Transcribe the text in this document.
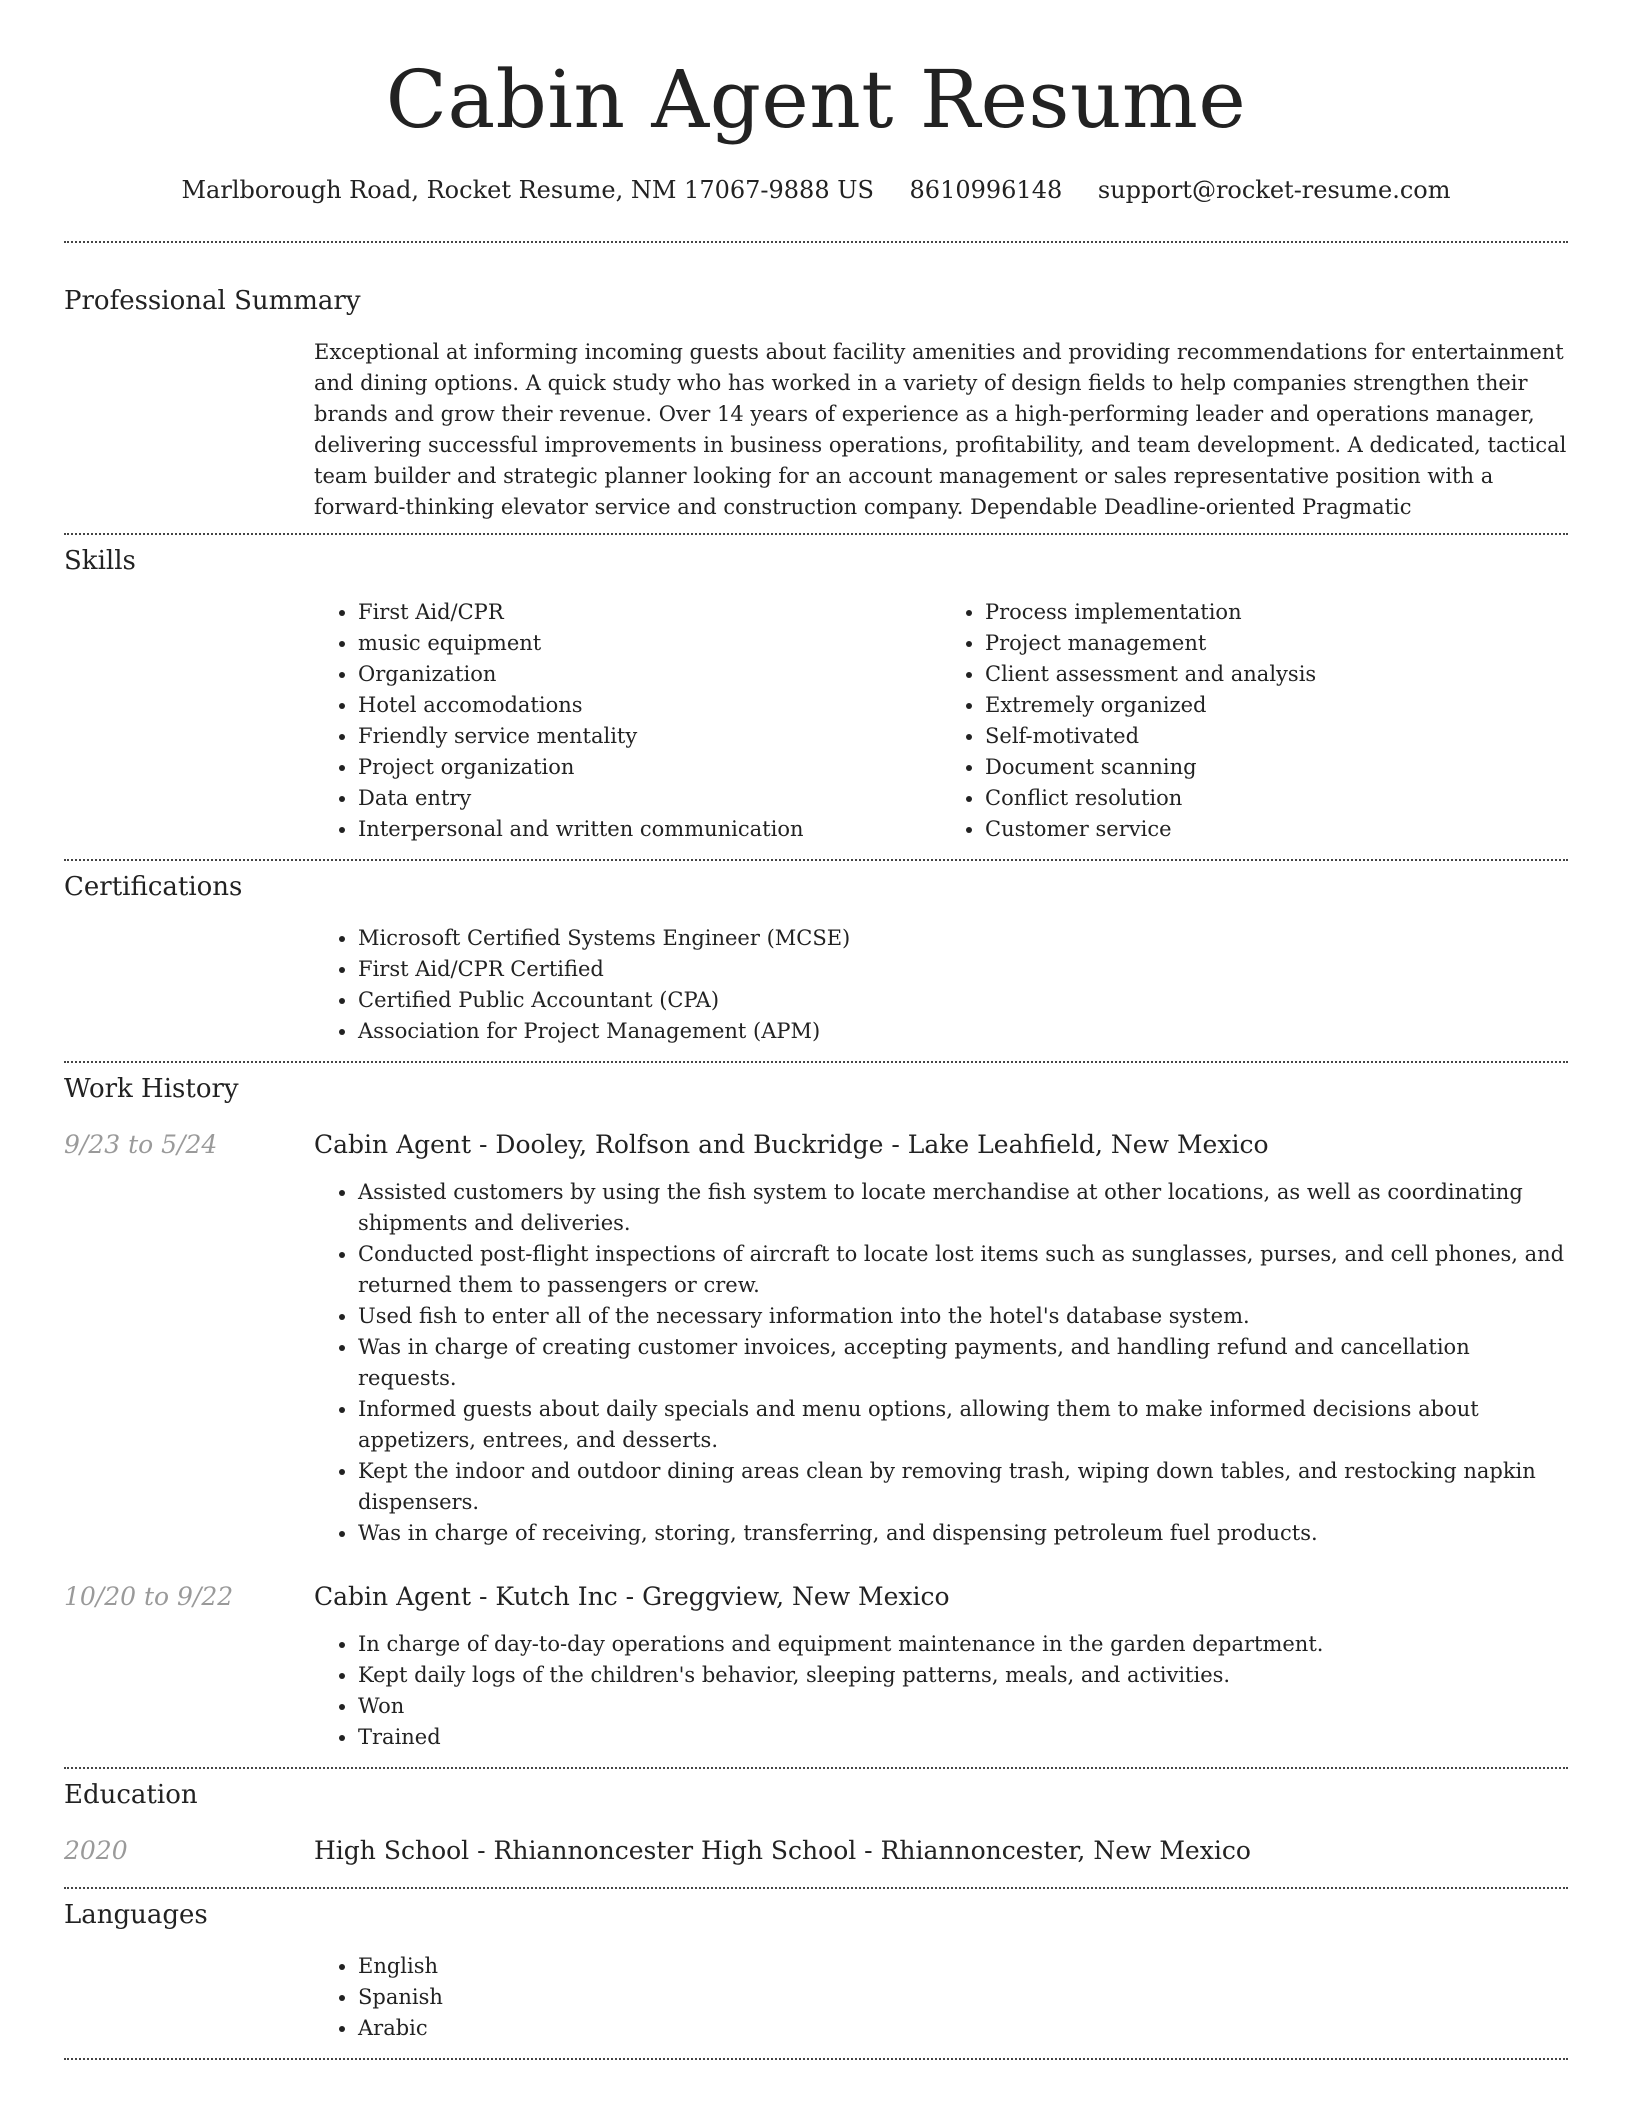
Cabin Agent Resume
Marlborough Road, Rocket Resume, NM 17067-9888 US 8610996148 support@rocket-resume.com
Professional Summary

Exceptional at informing incoming guests about facility amenities and providing recommendations for entertainment and dining options. A quick study who has worked in a variety of design fields to help companies strengthen their brands and grow their revenue. Over 14 years of experience as a high-performing leader and operations manager, delivering successful improvements in business operations, profitability, and team development. A dedicated, tactical team builder and strategic planner looking for an account management or sales representative position with a forward-thinking elevator service and construction company. Dependable Deadline-oriented Pragmatic

Skills
• First Aid/CPR
• music equipment
• Organization
• Hotel accomodations
• Friendly service mentality
• Project organization
• Data entry
• Interpersonal and written communication
• Process implementation
• Project management
• Client assessment and analysis
• Extremely organized
• Self-motivated
• Document scanning
• Conflict resolution
• Customer service
Certifications
• Microsoft Certified Systems Engineer (MCSE)
• First Aid/CPR Certified
• Certified Public Accountant (CPA)
• Association for Project Management (APM)
Work History
9/23 to 5/24	Cabin Agent - Dooley, Rolfson and Buckridge - Lake Leahfield, New Mexico
• Assisted customers by using the fish system to locate merchandise at other locations, as well as coordinating shipments and deliveries.
• Conducted post-flight inspections of aircraft to locate lost items such as sunglasses, purses, and cell phones, and returned them to passengers or crew.
• Used fish to enter all of the necessary information into the hotel's database system.
• Was in charge of creating customer invoices, accepting payments, and handling refund and cancellation requests.
• Informed guests about daily specials and menu options, allowing them to make informed decisions about appetizers, entrees, and desserts.
• Kept the indoor and outdoor dining areas clean by removing trash, wiping down tables, and restocking napkin dispensers.
• Was in charge of receiving, storing, transferring, and dispensing petroleum fuel products.
10/20 to 9/22	Cabin Agent - Kutch Inc - Greggview, New Mexico
• In charge of day-to-day operations and equipment maintenance in the garden department.
• Kept daily logs of the children's behavior, sleeping patterns, meals, and activities.
• Won
• Trained
Education
2020	High School - Rhiannoncester High School - Rhiannoncester, New Mexico
Languages
• English
• Spanish
• Arabic
